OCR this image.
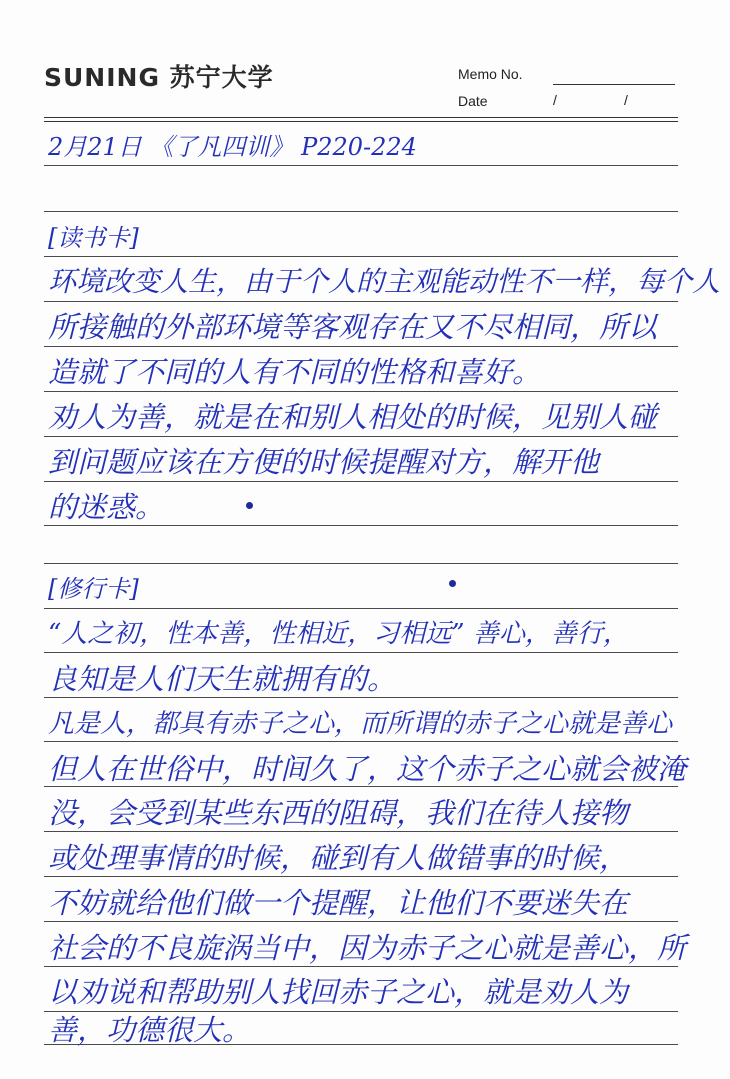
SUNING 苏宁大学	Memo No.
Date	/	/
2月21日 《了凡四训》 P220-224
[读书卡]
环境改变人生，由于个人的主观能动性不一样，每个人
所接触的外部环境等客观存在又不尽相同，所以
造就了不同的人有不同的性格和喜好。
劝人为善，就是在和别人相处的时候，见别人碰
到问题应该在方便的时候提醒对方，解开他
的迷惑。
[修行卡]
“人之初，性本善，性相近，习相远” 善心，善行，
良知是人们天生就拥有的。
凡是人，都具有赤子之心，而所谓的赤子之心就是善心
但人在世俗中，时间久了，这个赤子之心就会被淹
没，会受到某些东西的阻碍，我们在待人接物
或处理事情的时候，碰到有人做错事的时候，
不妨就给他们做一个提醒，让他们不要迷失在
社会的不良旋涡当中，因为赤子之心就是善心，所
以劝说和帮助别人找回赤子之心，就是劝人为
善，功德很大。
